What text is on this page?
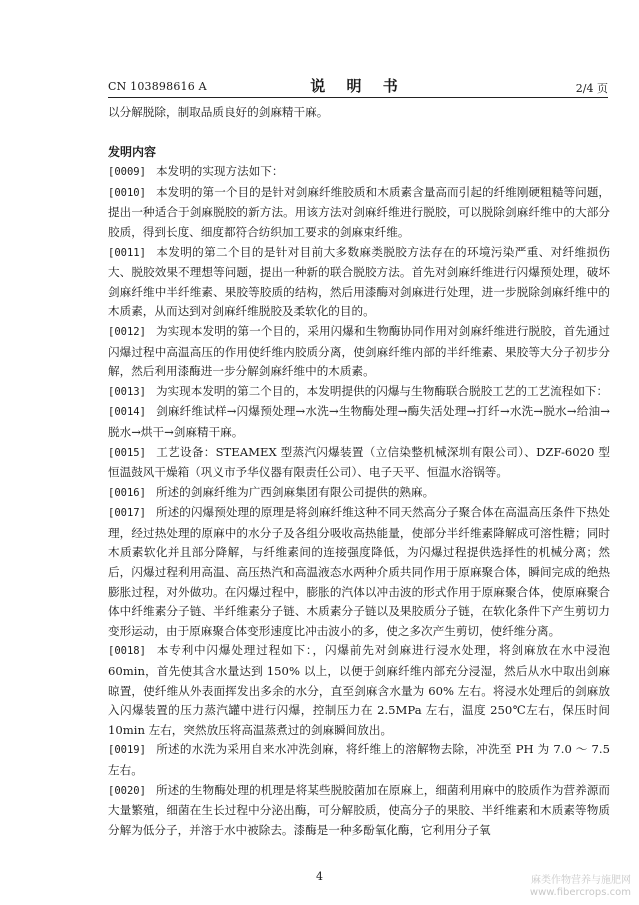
CN 103898616 A	说 明 书	2/4 页

以分解脱除，制取品质良好的剑麻精干麻。

发明内容

[0009] 本发明的实现方法如下：

[0010] 本发明的第一个目的是针对剑麻纤维胶质和木质素含量高而引起的纤维刚硬粗糙等问题，提出一种适合于剑麻脱胶的新方法。用该方法对剑麻纤维进行脱胶，可以脱除剑麻纤维中的大部分胶质，得到长度、细度都符合纺织加工要求的剑麻束纤维。

[0011] 本发明的第二个目的是针对目前大多数麻类脱胶方法存在的环境污染严重、对纤维损伤大、脱胶效果不理想等问题，提出一种新的联合脱胶方法。首先对剑麻纤维进行闪爆预处理，破坏剑麻纤维中半纤维素、果胶等胶质的结构，然后用漆酶对剑麻进行处理，进一步脱除剑麻纤维中的木质素，从而达到对剑麻纤维脱胶及柔软化的目的。

[0012] 为实现本发明的第一个目的，采用闪爆和生物酶协同作用对剑麻纤维进行脱胶，首先通过闪爆过程中高温高压的作用使纤维内胶质分离，使剑麻纤维内部的半纤维素、果胶等大分子初步分解，然后利用漆酶进一步分解剑麻纤维中的木质素。

[0013] 为实现本发明的第二个目的，本发明提供的闪爆与生物酶联合脱胶工艺的工艺流程如下：

[0014] 剑麻纤维试样→闪爆预处理→水洗→生物酶处理→酶失活处理→打纤→水洗→脱水→给油→脱水→烘干→剑麻精干麻。

[0015] 工艺设备：STEAMEX 型蒸汽闪爆装置（立信染整机械深圳有限公司）、DZF-6020 型恒温鼓风干燥箱（巩义市予华仪器有限责任公司）、电子天平、恒温水浴锅等。

[0016] 所述的剑麻纤维为广西剑麻集团有限公司提供的熟麻。

[0017] 所述的闪爆预处理的原理是将剑麻纤维这种不同天然高分子聚合体在高温高压条件下热处理，经过热处理的原麻中的水分子及各组分吸收高热能量，使部分半纤维素降解成可溶性糖；同时木质素软化并且部分降解，与纤维素间的连接强度降低，为闪爆过程提供选择性的机械分离；然后，闪爆过程利用高温、高压热汽和高温液态水两种介质共同作用于原麻聚合体，瞬间完成的绝热膨胀过程，对外做功。在闪爆过程中，膨胀的汽体以冲击波的形式作用于原麻聚合体，使原麻聚合体中纤维素分子链、半纤维素分子链、木质素分子链以及果胶质分子链，在软化条件下产生剪切力变形运动，由于原麻聚合体变形速度比冲击波小的多，使之多次产生剪切，使纤维分离。

[0018] 本专利中闪爆处理过程如下：，闪爆前先对剑麻进行浸水处理，将剑麻放在水中浸泡 60min，首先使其含水量达到 150% 以上，以便于剑麻纤维内部充分浸湿，然后从水中取出剑麻晾置，使纤维从外表面挥发出多余的水分，直至剑麻含水量为 60% 左右。将浸水处理后的剑麻放入闪爆装置的压力蒸汽罐中进行闪爆，控制压力在 2.5MPa 左右，温度 250℃左右，保压时间 10min 左右，突然放压将高温蒸煮过的剑麻瞬间放出。

[0019] 所述的水洗为采用自来水冲洗剑麻，将纤维上的溶解物去除，冲洗至 PH 为 7.0 ～ 7.5 左右。

[0020] 所述的生物酶处理的机理是将某些脱胶菌加在原麻上，细菌利用麻中的胶质作为营养源而大量繁殖，细菌在生长过程中分泌出酶，可分解胶质，使高分子的果胶、半纤维素和木质素等物质分解为低分子，并溶于水中被除去。漆酶是一种多酚氧化酶，它利用分子氧

4	麻类作物营养与施肥网
www.fibercrops.com
